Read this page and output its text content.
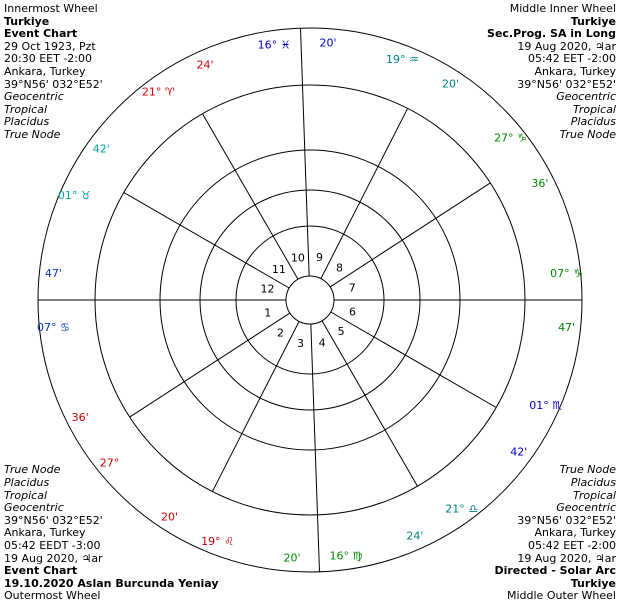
1
2
3 4
5
6
7
8
9
10
11
12
07° ♋
47'
27°
36'
19° ♌
20'
16° ♍
20'
21° ♎
24'
01° ♏
42'
07° ♑
47'
27° ♑
36'
19° ♒
20'
16° ♓	20'
21° ♈
24'
01° ♉
42'
Innermost Wheel
Turkiye
Event Chart
29 Oct 1923, Pzt
20:30 EET -2:00
Ankara, Turkey
39°N56' 032°E52'
Geocentric
Tropical
Placidus
True Node
Middle Inner Wheel
Turkiye
Sec.Prog. SA in Long
19 Aug 2020, ♃ar
05:42 EET -2:00
Ankara, Turkey
39°N56' 032°E52'
Geocentric
Tropical
Placidus
True Node
True Node
Placidus
Tropical
Geocentric
39°N56' 032°E52'
Ankara, Turkey
05:42 EEDT -3:00
19 Aug 2020, ♃ar
Event Chart
19.10.2020 Aslan Burcunda Yeniay
Outermost Wheel
True Node
Placidus
Tropical
Geocentric
39°N56' 032°E52'
Ankara, Turkey
05:42 EET -2:00
19 Aug 2020, ♃ar
Directed - Solar Arc
Turkiye
Middle Outer Wheel
